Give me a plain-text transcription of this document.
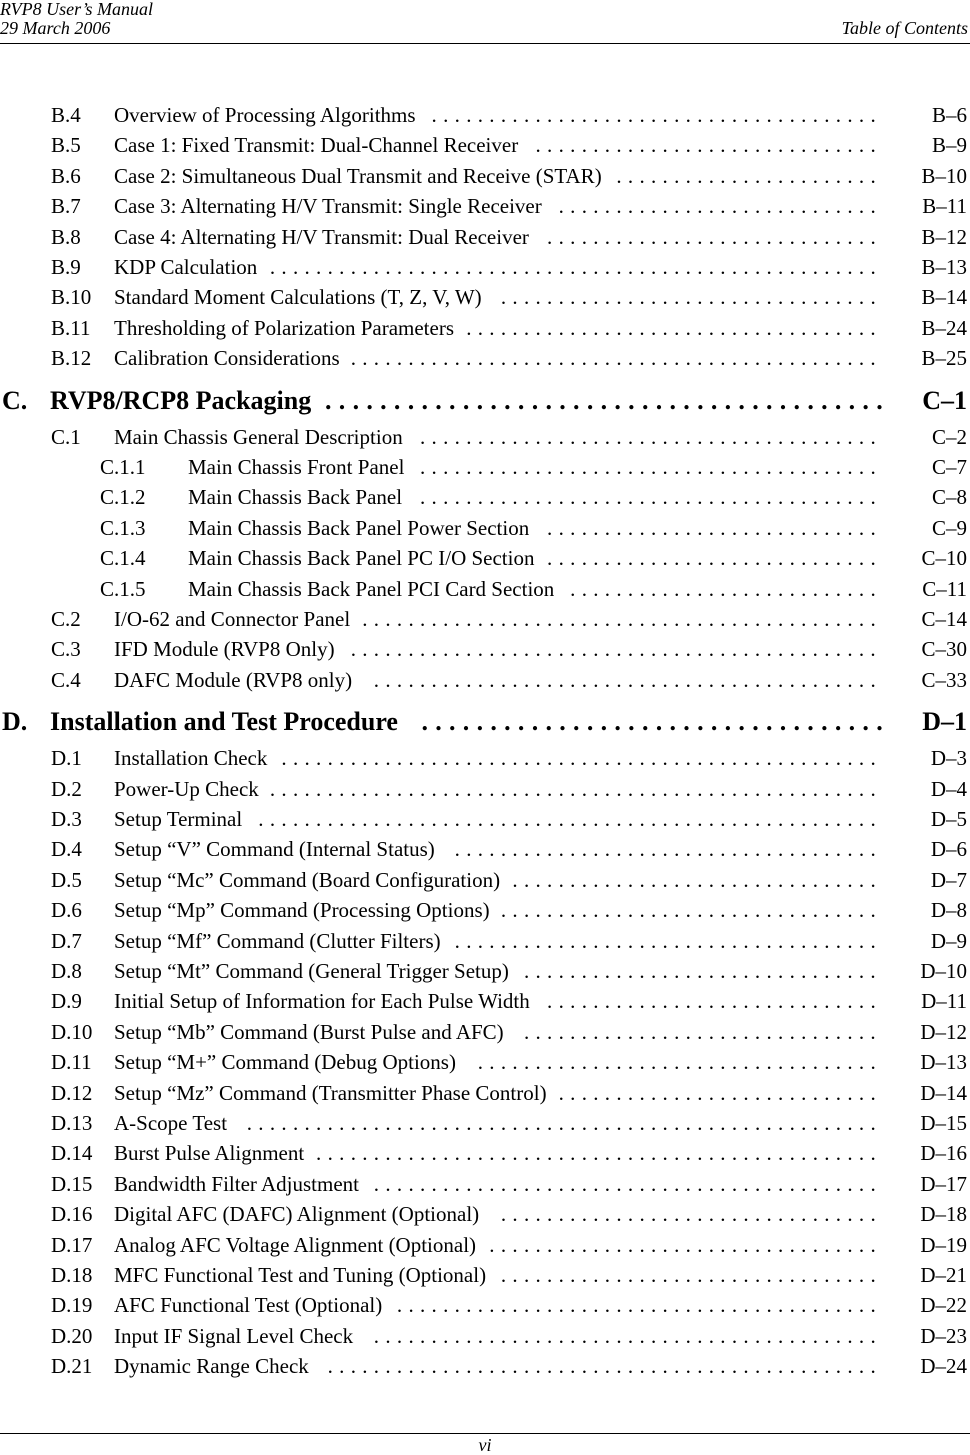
RVP8 User’s Manual
29 March 2006	Table of Contents
.......................................
B.4 Overview of Processing Algorithms	B–6
..............................
B.5 Case 1: Fixed Transmit: Dual-Channel Receiver	B–9
.......................
B.6 Case 2: Simultaneous Dual Transmit and Receive (STAR)	B–10
............................
B.7 Case 3: Alternating H/V Transmit: Single Receiver	B–11
.............................
B.8 Case 4: Alternating H/V Transmit: Dual Receiver	B–12
.....................................................
B.9 KDP Calculation	B–13
.................................
B.10 Standard Moment Calculations (T, Z, V, W)	B–14
....................................
B.11 Thresholding of Polarization Parameters	B–24
..............................................
B.12 Calibration Considerations	B–25
.........................................
C. RVP8/RCP8 Packaging	C–1
........................................
C.1 Main Chassis General Description	C–2
........................................
C.1.1 Main Chassis Front Panel	C–7
........................................
C.1.2 Main Chassis Back Panel	C–8
.............................
C.1.3 Main Chassis Back Panel Power Section	C–9
.............................
C.1.4 Main Chassis Back Panel PC I/O Section	C–10
...........................
C.1.5 Main Chassis Back Panel PCI Card Section	C–11
.............................................
C.2 I/O-62 and Connector Panel	C–14
..............................................
C.3 IFD Module (RVP8 Only)	C–30
............................................
C.4 DAFC Module (RVP8 only)	C–33
..................................
D. Installation and Test Procedure	D–1
....................................................
D.1 Installation Check	D–3
.....................................................
D.2 Power-Up Check	D–4
......................................................
D.3 Setup Terminal	D–5
.....................................
D.4 Setup “V” Command (Internal Status)	D–6
................................
D.5 Setup “Mc” Command (Board Configuration)	D–7
.................................
D.6 Setup “Mp” Command (Processing Options)	D–8
.....................................
D.7 Setup “Mf” Command (Clutter Filters)	D–9
...............................
D.8 Setup “Mt” Command (General Trigger Setup)	D–10
.............................
D.9 Initial Setup of Information for Each Pulse Width	D–11
...............................
D.10 Setup “Mb” Command (Burst Pulse and AFC)	D–12
...................................
D.11 Setup “M+” Command (Debug Options)	D–13
............................
D.12 Setup “Mz” Command (Transmitter Phase Control)	D–14
.......................................................
D.13 A-Scope Test	D–15
.................................................
D.14 Burst Pulse Alignment	D–16
............................................
D.15 Bandwidth Filter Adjustment	D–17
.................................
D.16 Digital AFC (DAFC) Alignment (Optional)	D–18
..................................
D.17 Analog AFC Voltage Alignment (Optional)	D–19
.................................
D.18 MFC Functional Test and Tuning (Optional)	D–21
..........................................
D.19 AFC Functional Test (Optional)	D–22
............................................
D.20 Input IF Signal Level Check	D–23
................................................
D.21 Dynamic Range Check	D–24
vi
